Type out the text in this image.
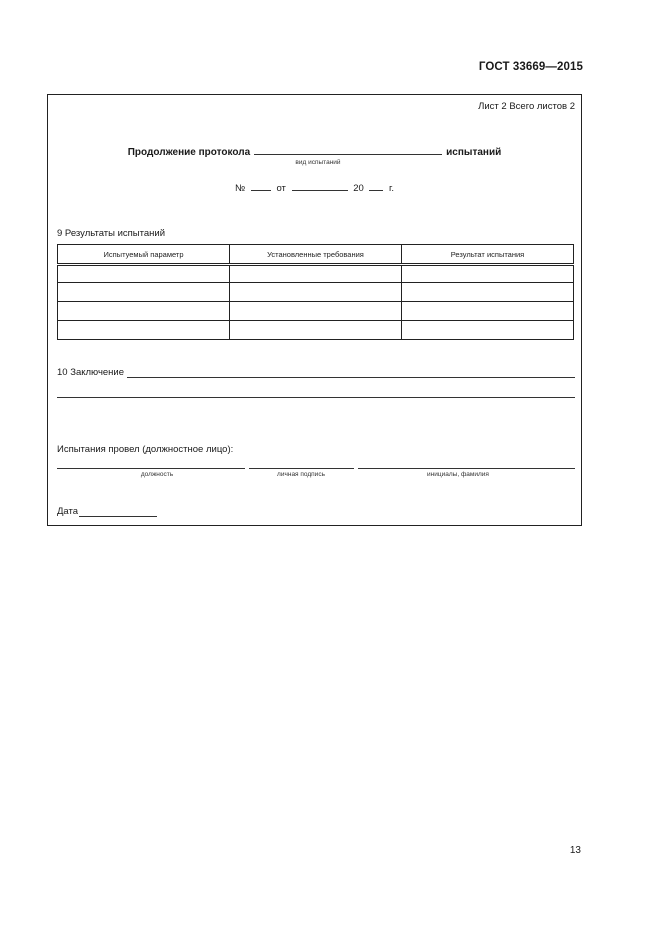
ГОСТ 33669—2015
Лист 2 Всего листов 2
Продолжение протокола	испытаний
вид испытаний
№	от	20	г.
9 Результаты испытаний
Испытуемый параметр	Установленные требования	Результат испытания

10 Заключение
Испытания провел (должностное лицо):
должность	личная подпись	инициалы, фамилия
Дата
13
